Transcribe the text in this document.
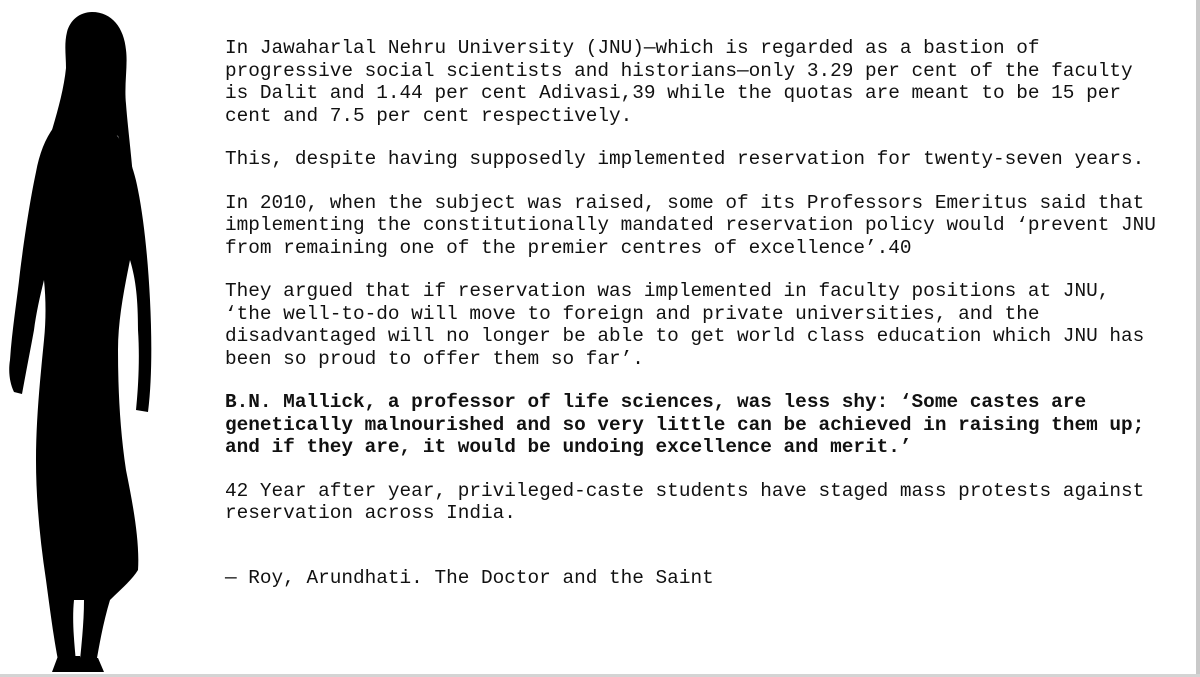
In Jawaharlal Nehru University (JNU)—which is regarded as a bastion of
progressive social scientists and historians—only 3.29 per cent of the faculty
is Dalit and 1.44 per cent Adivasi,39 while the quotas are meant to be 15 per
cent and 7.5 per cent respectively.

This, despite having supposedly implemented reservation for twenty-seven years.

In 2010, when the subject was raised, some of its Professors Emeritus said that
implementing the constitutionally mandated reservation policy would ‘prevent JNU
from remaining one of the premier centres of excellence’.40

They argued that if reservation was implemented in faculty positions at JNU,
‘the well-to-do will move to foreign and private universities, and the
disadvantaged will no longer be able to get world class education which JNU has
been so proud to offer them so far’.

B.N. Mallick, a professor of life sciences, was less shy: ‘Some castes are
genetically malnourished and so very little can be achieved in raising them up;
and if they are, it would be undoing excellence and merit.’

42 Year after year, privileged-caste students have staged mass protests against
reservation across India.

— Roy, Arundhati. The Doctor and the Saint
